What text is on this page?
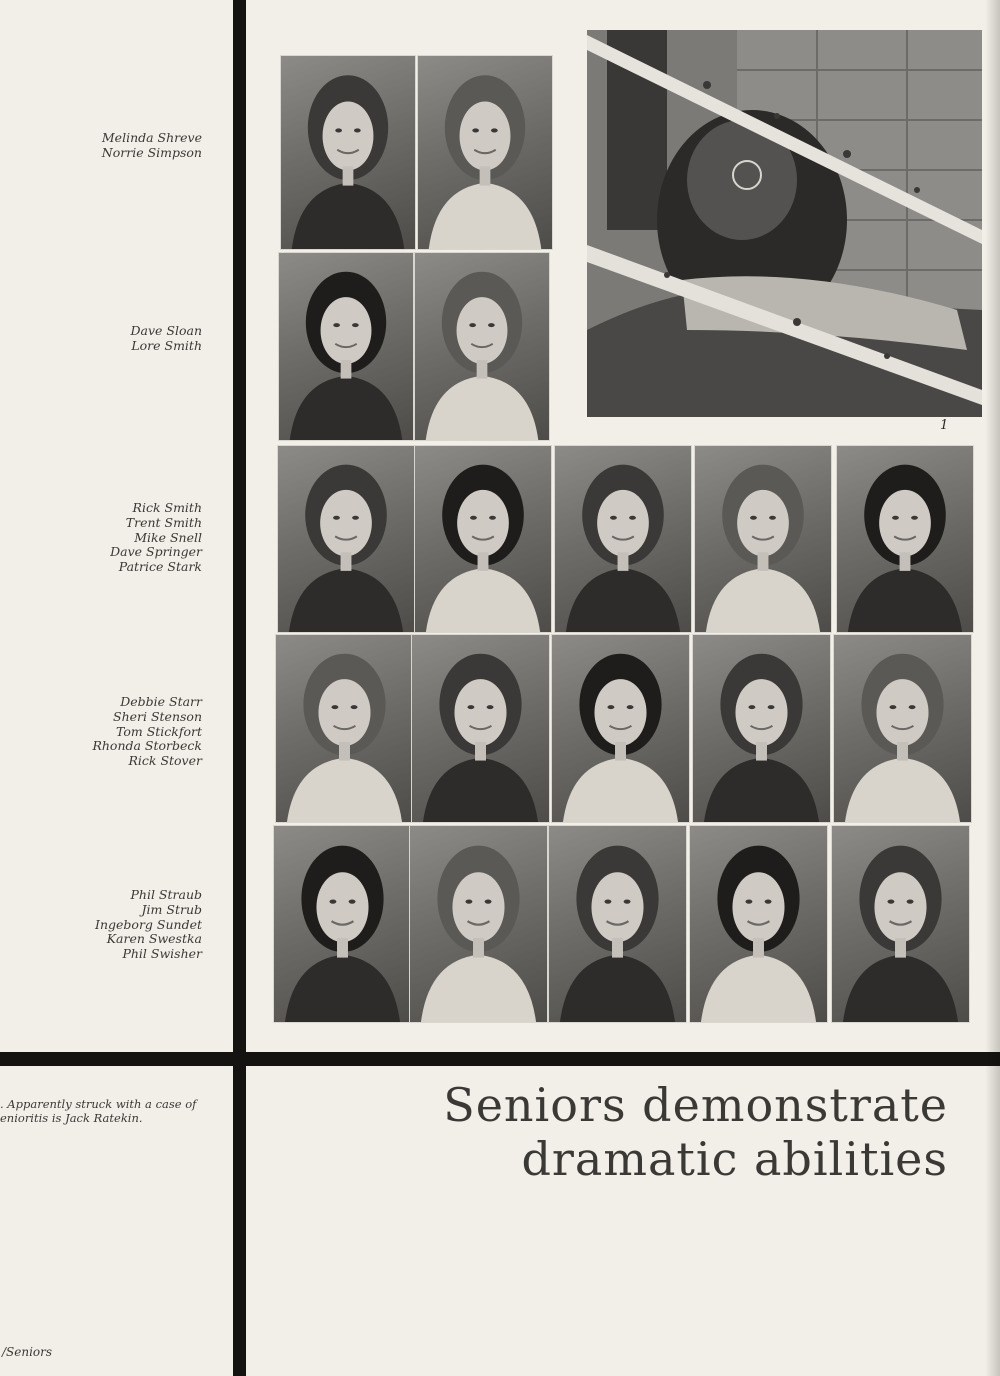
Melinda Shreve
Norrie Simpson
Dave Sloan
Lore Smith
Rick Smith
Trent Smith
Mike Snell
Dave Springer
Patrice Stark
Debbie Starr
Sheri Stenson
Tom Stickfort
Rhonda Storbeck
Rick Stover
Phil Straub
Jim Strub
Ingeborg Sundet
Karen Swestka
Phil Swisher
1
. Apparently struck with a case of
enioritis is Jack Ratekin.	Seniors demonstrate
dramatic abilities
/Seniors
